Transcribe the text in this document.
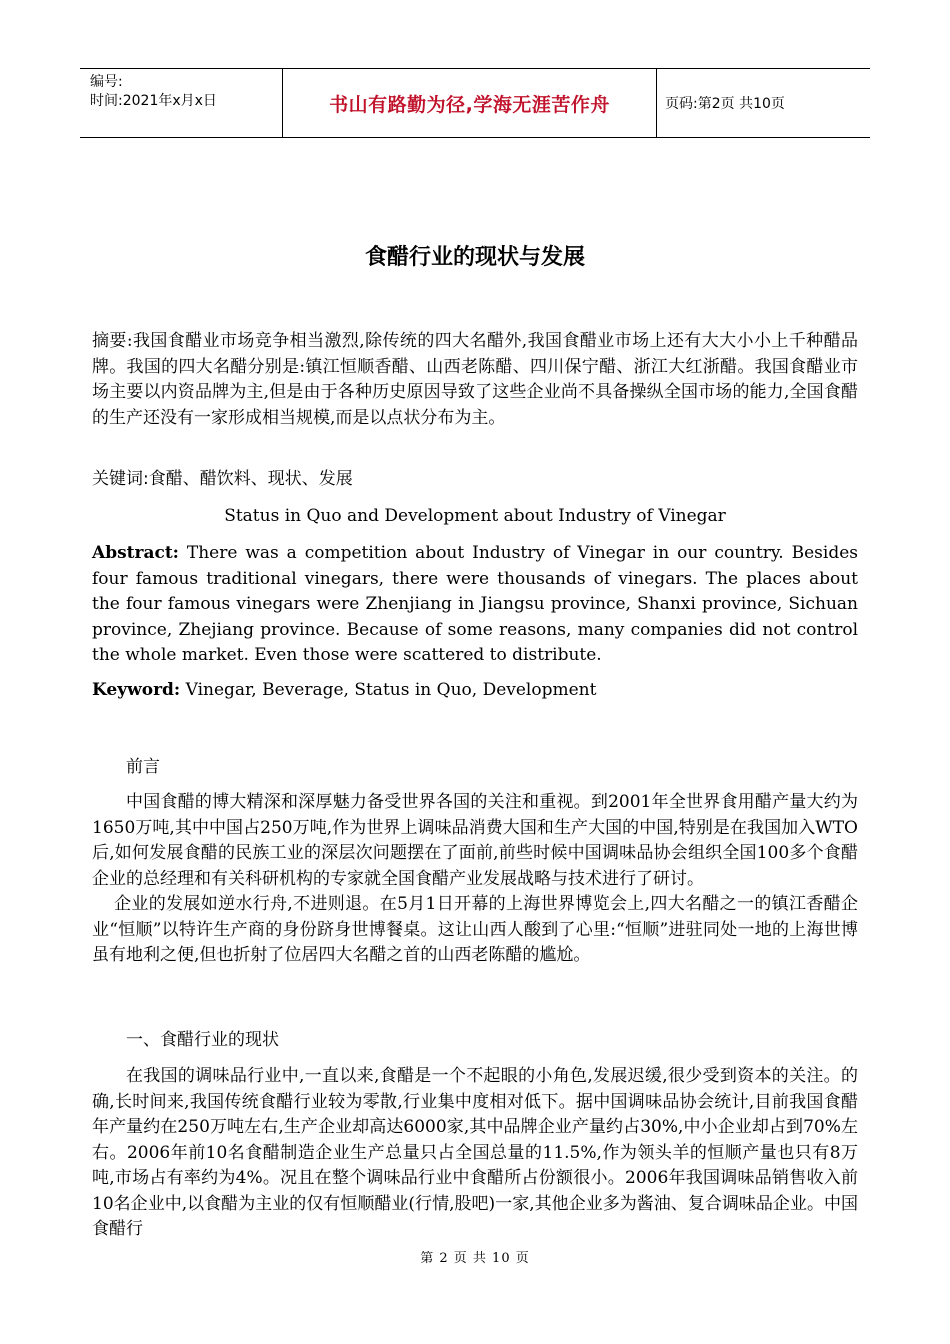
编号:
时间:2021年x月x日	书山有路勤为径,学海无涯苦作舟	页码:第2页 共10页
食醋行业的现状与发展
摘要:我国食醋业市场竞争相当激烈,除传统的四大名醋外,我国食醋业市场上还有大大小小上千种醋品牌。我国的四大名醋分别是:镇江恒顺香醋、山西老陈醋、四川保宁醋、浙江大红浙醋。我国食醋业市场主要以内资品牌为主,但是由于各种历史原因导致了这些企业尚不具备操纵全国市场的能力,全国食醋的生产还没有一家形成相当规模,而是以点状分布为主。
关键词:食醋、醋饮料、现状、发展
Status in Quo and Development about Industry of Vinegar
Abstract: There was a competition about Industry of Vinegar in our country. Besides four famous traditional vinegars, there were thousands of vinegars. The places about the four famous vinegars were Zhenjiang in Jiangsu province, Shanxi province, Sichuan province, Zhejiang province. Because of some reasons, many companies did not control the whole market. Even those were scattered to distribute.
Keyword: Vinegar, Beverage, Status in Quo, Development
前言

中国食醋的博大精深和深厚魅力备受世界各国的关注和重视。到2001年全世界食用醋产量大约为1650万吨,其中中国占250万吨,作为世界上调味品消费大国和生产大国的中国,特别是在我国加入WTO后,如何发展食醋的民族工业的深层次问题摆在了面前,前些时候中国调味品协会组织全国100多个食醋企业的总经理和有关科研机构的专家就全国食醋产业发展战略与技术进行了研讨。

企业的发展如逆水行舟,不进则退。在5月1日开幕的上海世界博览会上,四大名醋之一的镇江香醋企业“恒顺”以特许生产商的身份跻身世博餐桌。这让山西人酸到了心里:“恒顺”进驻同处一地的上海世博虽有地利之便,但也折射了位居四大名醋之首的山西老陈醋的尴尬。

一、食醋行业的现状

在我国的调味品行业中,一直以来,食醋是一个不起眼的小角色,发展迟缓,很少受到资本的关注。的确,长时间来,我国传统食醋行业较为零散,行业集中度相对低下。据中国调味品协会统计,目前我国食醋年产量约在250万吨左右,生产企业却高达6000家,其中品牌企业产量约占30%,中小企业却占到70%左右。2006年前10名食醋制造企业生产总量只占全国总量的11.5%,作为领头羊的恒顺产量也只有8万吨,市场占有率约为4%。况且在整个调味品行业中食醋所占份额很小。2006年我国调味品销售收入前10名企业中,以食醋为主业的仅有恒顺醋业(行情,股吧)一家,其他企业多为酱油、复合调味品企业。中国食醋行

第 2 页 共 10 页
